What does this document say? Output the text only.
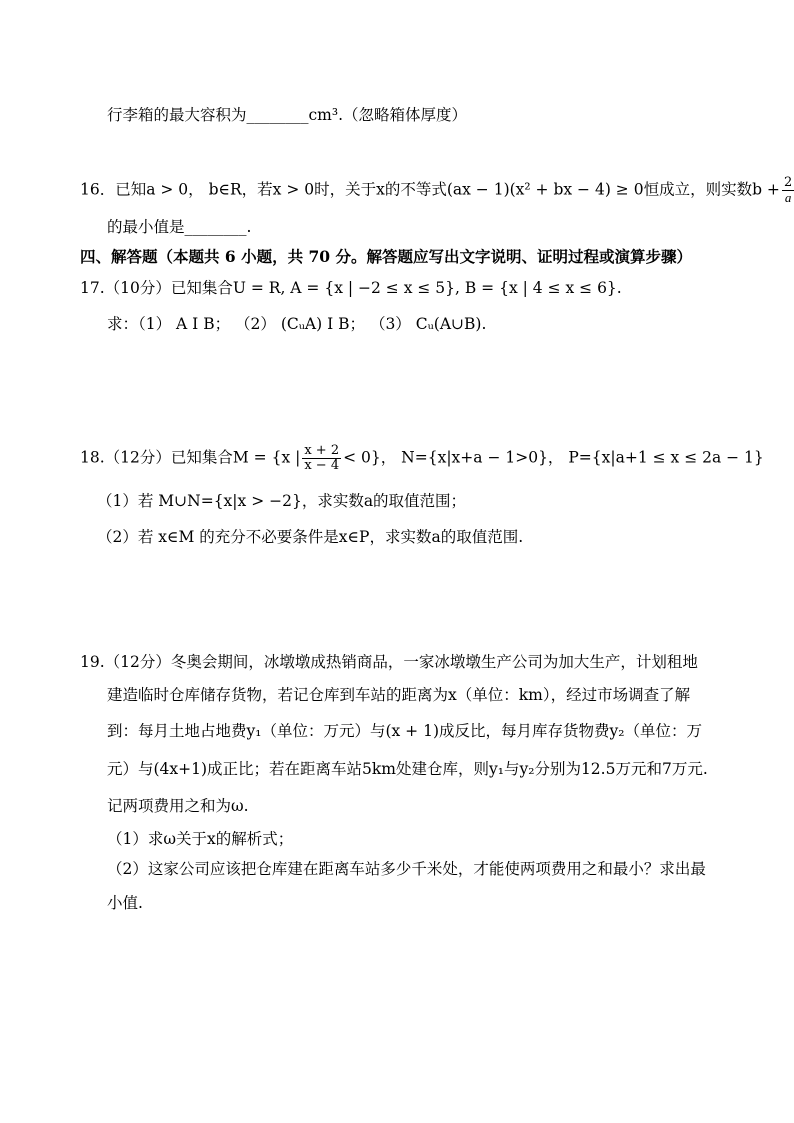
行李箱的最大容积为________cm³.（忽略箱体厚度）
16．已知a > 0， b∈R，若x > 0时，关于x的不等式(ax − 1)(x² + bx − 4) ≥ 0恒成立，则实数$b + \frac{2}{a}$
的最小值是________.
四、解答题（本题共 6 小题，共 70 分。解答题应写出文字说明、证明过程或演算步骤）
17.（10分）已知集合U = R, A = {x | −2 ≤ x ≤ 5}, B = {x | 4 ≤ x ≤ 6}.
求：（1） A I B； （2） (CᵤA) I B； （3） Cᵤ(A∪B).
18.（12分）已知集合M = {x | $\frac{x + 2}{x - 4} < 0$}， N={x|x+a − 1>0}， P={x|a+1 ≤ x ≤ 2a − 1}
（1）若 M∪N={x|x > −2}，求实数a的取值范围；
（2）若 x∈M 的充分不必要条件是x∈P，求实数a的取值范围.
19.（12分）冬奥会期间，冰墩墩成热销商品，一家冰墩墩生产公司为加大生产，计划租地
建造临时仓库储存货物，若记仓库到车站的距离为x（单位：km），经过市场调查了解
到：每月土地占地费y₁（单位：万元）与(x + 1)成反比，每月库存货物费y₂（单位：万
元）与(4x+1)成正比；若在距离车站5km处建仓库，则y₁与y₂分别为12.5万元和7万元.
记两项费用之和为ω.
（1）求ω关于x的解析式；
（2）这家公司应该把仓库建在距离车站多少千米处，才能使两项费用之和最小？求出最
小值.
